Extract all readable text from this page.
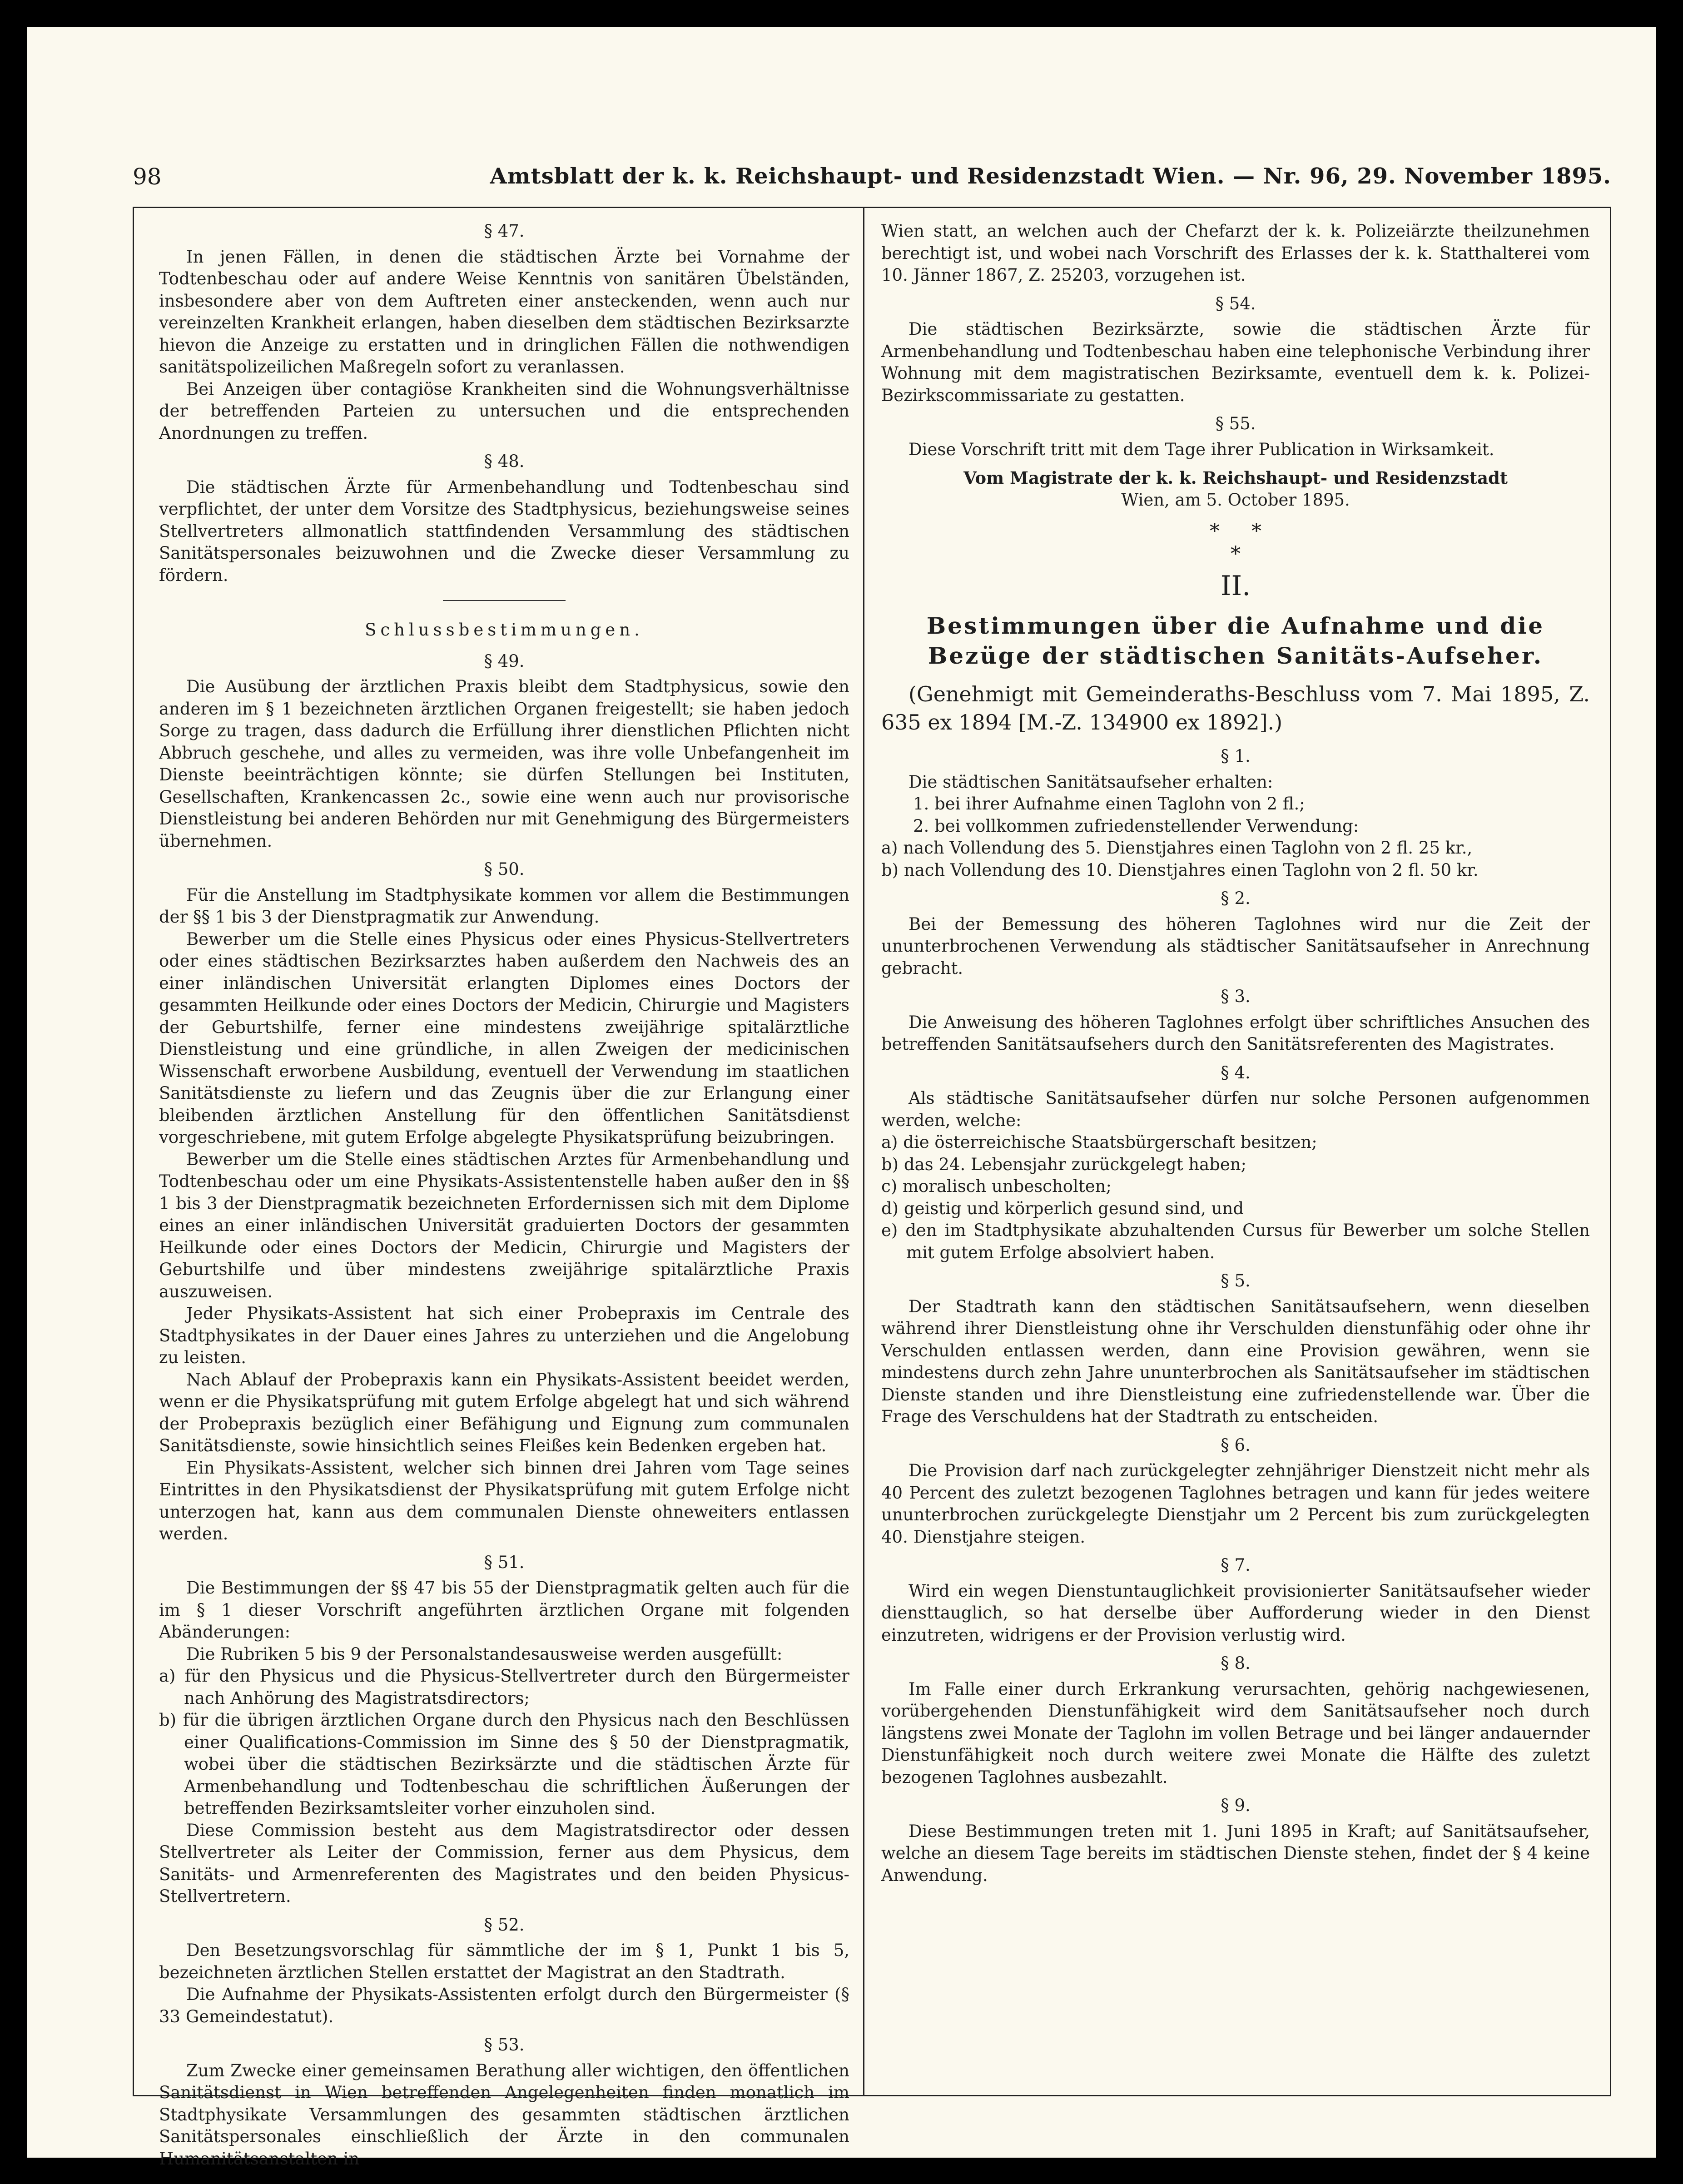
98	Amtsblatt der k. k. Reichshaupt- und Residenzstadt Wien. — Nr. 96, 29. November 1895.

§ 47.

In jenen Fällen, in denen die städtischen Ärzte bei Vornahme der Todtenbeschau oder auf andere Weise Kenntnis von sanitären Übelständen, insbesondere aber von dem Auftreten einer ansteckenden, wenn auch nur vereinzelten Krankheit erlangen, haben dieselben dem städtischen Bezirksarzte hievon die Anzeige zu erstatten und in dringlichen Fällen die nothwendigen sanitätspolizeilichen Maßregeln sofort zu veranlassen.

Bei Anzeigen über contagiöse Krankheiten sind die Wohnungsverhältnisse der betreffenden Parteien zu untersuchen und die entsprechenden Anordnungen zu treffen.

§ 48.

Die städtischen Ärzte für Armenbehandlung und Todtenbeschau sind verpflichtet, der unter dem Vorsitze des Stadtphysicus, beziehungsweise seines Stellvertreters allmonatlich stattfindenden Versammlung des städtischen Sanitätspersonales beizuwohnen und die Zwecke dieser Versammlung zu fördern.

Schlussbestimmungen.

§ 49.

Die Ausübung der ärztlichen Praxis bleibt dem Stadtphysicus, sowie den anderen im § 1 bezeichneten ärztlichen Organen freigestellt; sie haben jedoch Sorge zu tragen, dass dadurch die Erfüllung ihrer dienstlichen Pflichten nicht Abbruch geschehe, und alles zu vermeiden, was ihre volle Unbefangenheit im Dienste beeinträchtigen könnte; sie dürfen Stellungen bei Instituten, Gesellschaften, Krankencassen 2c., sowie eine wenn auch nur provisorische Dienstleistung bei anderen Behörden nur mit Genehmigung des Bürgermeisters übernehmen.

§ 50.

Für die Anstellung im Stadtphysikate kommen vor allem die Bestimmungen der §§ 1 bis 3 der Dienstpragmatik zur Anwendung.

Bewerber um die Stelle eines Physicus oder eines Physicus-Stellvertreters oder eines städtischen Bezirksarztes haben außerdem den Nachweis des an einer inländischen Universität erlangten Diplomes eines Doctors der gesammten Heilkunde oder eines Doctors der Medicin, Chirurgie und Magisters der Geburtshilfe, ferner eine mindestens zweijährige spitalärztliche Dienstleistung und eine gründliche, in allen Zweigen der medicinischen Wissenschaft erworbene Ausbildung, eventuell der Verwendung im staatlichen Sanitätsdienste zu liefern und das Zeugnis über die zur Erlangung einer bleibenden ärztlichen Anstellung für den öffentlichen Sanitätsdienst vorgeschriebene, mit gutem Erfolge abgelegte Physikatsprüfung beizubringen.

Bewerber um die Stelle eines städtischen Arztes für Armenbehandlung und Todtenbeschau oder um eine Physikats-Assistentenstelle haben außer den in §§ 1 bis 3 der Dienstpragmatik bezeichneten Erfordernissen sich mit dem Diplome eines an einer inländischen Universität graduierten Doctors der gesammten Heilkunde oder eines Doctors der Medicin, Chirurgie und Magisters der Geburtshilfe und über mindestens zweijährige spitalärztliche Praxis auszuweisen.

Jeder Physikats-Assistent hat sich einer Probepraxis im Centrale des Stadtphysikates in der Dauer eines Jahres zu unterziehen und die Angelobung zu leisten.

Nach Ablauf der Probepraxis kann ein Physikats-Assistent beeidet werden, wenn er die Physikatsprüfung mit gutem Erfolge abgelegt hat und sich während der Probepraxis bezüglich einer Befähigung und Eignung zum communalen Sanitätsdienste, sowie hinsichtlich seines Fleißes kein Bedenken ergeben hat.

Ein Physikats-Assistent, welcher sich binnen drei Jahren vom Tage seines Eintrittes in den Physikatsdienst der Physikatsprüfung mit gutem Erfolge nicht unterzogen hat, kann aus dem communalen Dienste ohneweiters entlassen werden.

§ 51.

Die Bestimmungen der §§ 47 bis 55 der Dienstpragmatik gelten auch für die im § 1 dieser Vorschrift angeführten ärztlichen Organe mit folgenden Abänderungen:

Die Rubriken 5 bis 9 der Personalstandesausweise werden ausgefüllt:

a) für den Physicus und die Physicus-Stellvertreter durch den Bürgermeister nach Anhörung des Magistratsdirectors;

b) für die übrigen ärztlichen Organe durch den Physicus nach den Beschlüssen einer Qualifications-Commission im Sinne des § 50 der Dienstpragmatik, wobei über die städtischen Bezirksärzte und die städtischen Ärzte für Armenbehandlung und Todtenbeschau die schriftlichen Äußerungen der betreffenden Bezirksamtsleiter vorher einzuholen sind.

Diese Commission besteht aus dem Magistratsdirector oder dessen Stellvertreter als Leiter der Commission, ferner aus dem Physicus, dem Sanitäts- und Armenreferenten des Magistrates und den beiden Physicus-Stellvertretern.

§ 52.

Den Besetzungsvorschlag für sämmtliche der im § 1, Punkt 1 bis 5, bezeichneten ärztlichen Stellen erstattet der Magistrat an den Stadtrath.

Die Aufnahme der Physikats-Assistenten erfolgt durch den Bürgermeister (§ 33 Gemeindestatut).

§ 53.

Zum Zwecke einer gemeinsamen Berathung aller wichtigen, den öffentlichen Sanitätsdienst in Wien betreffenden Angelegenheiten finden monatlich im Stadtphysikate Versammlungen des gesammten städtischen ärztlichen Sanitätspersonales einschließlich der Ärzte in den communalen Humanitätsanstalten in

Wien statt, an welchen auch der Chefarzt der k. k. Polizeiärzte theilzunehmen berechtigt ist, und wobei nach Vorschrift des Erlasses der k. k. Statthalterei vom 10. Jänner 1867, Z. 25203, vorzugehen ist.

§ 54.

Die städtischen Bezirksärzte, sowie die städtischen Ärzte für Armenbehandlung und Todtenbeschau haben eine telephonische Verbindung ihrer Wohnung mit dem magistratischen Bezirksamte, eventuell dem k. k. Polizei-Bezirkscommissariate zu gestatten.

§ 55.

Diese Vorschrift tritt mit dem Tage ihrer Publication in Wirksamkeit.

Vom Magistrate der k. k. Reichshaupt- und Residenzstadt

Wien, am 5. October 1895.

*     *
*

II.

Bestimmungen über die Aufnahme und die Bezüge der städtischen Sanitäts-Aufseher.

(Genehmigt mit Gemeinderaths-Beschluss vom 7. Mai 1895, Z. 635 ex 1894 [M.-Z. 134900 ex 1892].)

§ 1.

Die städtischen Sanitätsaufseher erhalten:

1. bei ihrer Aufnahme einen Taglohn von 2 fl.;

2. bei vollkommen zufriedenstellender Verwendung:

a) nach Vollendung des 5. Dienstjahres einen Taglohn von 2 fl. 25 kr.,

b) nach Vollendung des 10. Dienstjahres einen Taglohn von 2 fl. 50 kr.

§ 2.

Bei der Bemessung des höheren Taglohnes wird nur die Zeit der ununterbrochenen Verwendung als städtischer Sanitätsaufseher in Anrechnung gebracht.

§ 3.

Die Anweisung des höheren Taglohnes erfolgt über schriftliches Ansuchen des betreffenden Sanitätsaufsehers durch den Sanitätsreferenten des Magistrates.

§ 4.

Als städtische Sanitätsaufseher dürfen nur solche Personen aufgenommen werden, welche:

a) die österreichische Staatsbürgerschaft besitzen;

b) das 24. Lebensjahr zurückgelegt haben;

c) moralisch unbescholten;

d) geistig und körperlich gesund sind, und

e) den im Stadtphysikate abzuhaltenden Cursus für Bewerber um solche Stellen mit gutem Erfolge absolviert haben.

§ 5.

Der Stadtrath kann den städtischen Sanitätsaufsehern, wenn dieselben während ihrer Dienstleistung ohne ihr Verschulden dienstunfähig oder ohne ihr Verschulden entlassen werden, dann eine Provision gewähren, wenn sie mindestens durch zehn Jahre ununterbrochen als Sanitätsaufseher im städtischen Dienste standen und ihre Dienstleistung eine zufriedenstellende war. Über die Frage des Verschuldens hat der Stadtrath zu entscheiden.

§ 6.

Die Provision darf nach zurückgelegter zehnjähriger Dienstzeit nicht mehr als 40 Percent des zuletzt bezogenen Taglohnes betragen und kann für jedes weitere ununterbrochen zurückgelegte Dienstjahr um 2 Percent bis zum zurückgelegten 40. Dienstjahre steigen.

§ 7.

Wird ein wegen Dienstuntauglichkeit provisionierter Sanitätsaufseher wieder diensttauglich, so hat derselbe über Aufforderung wieder in den Dienst einzutreten, widrigens er der Provision verlustig wird.

§ 8.

Im Falle einer durch Erkrankung verursachten, gehörig nachgewiesenen, vorübergehenden Dienstunfähigkeit wird dem Sanitätsaufseher noch durch längstens zwei Monate der Taglohn im vollen Betrage und bei länger andauernder Dienstunfähigkeit noch durch weitere zwei Monate die Hälfte des zuletzt bezogenen Taglohnes ausbezahlt.

§ 9.

Diese Bestimmungen treten mit 1. Juni 1895 in Kraft; auf Sanitätsaufseher, welche an diesem Tage bereits im städtischen Dienste stehen, findet der § 4 keine Anwendung.
